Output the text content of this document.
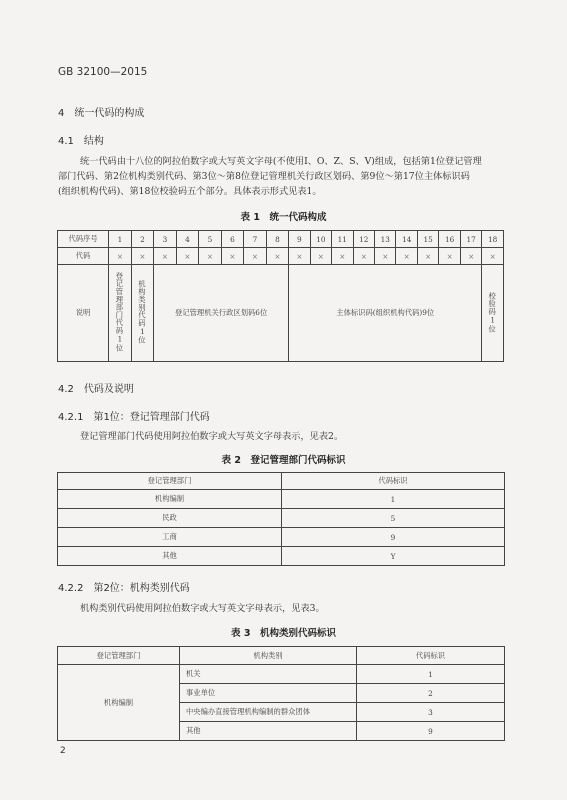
GB 32100—2015
4　统一代码的构成
4.1　结构
统一代码由十八位的阿拉伯数字或大写英文字母(不使用I、O、Z、S、V)组成，包括第1位登记管理
部门代码、第2位机构类别代码、第3位～第8位登记管理机关行政区划码、第9位～第17位主体标识码
(组织机构代码)、第18位校验码五个部分。具体表示形式见表1。
表 1　统一代码构成
代码序号	1	2	3	4	5	6	7	8	9	10	11	12	13	14	15	16	17	18
代码	×	×	×	×	×	×	×	×	×	×	×	×	×	×	×	×	×	×
说明	登记管理部门代码1位	机构类别代码1位	登记管理机关行政区划码6位						主体标识码(组织机构代码)9位									校验码1位
4.2　代码及说明
4.2.1　第1位：登记管理部门代码
登记管理部门代码使用阿拉伯数字或大写英文字母表示，见表2。
表 2　登记管理部门代码标识
登记管理部门	代码标识
机构编制	1
民政	5
工商	9
其他	Y
4.2.2　第2位：机构类别代码
机构类别代码使用阿拉伯数字或大写英文字母表示，见表3。
表 3　机构类别代码标识
登记管理部门	机构类别	代码标识
机构编制	机关	1
	事业单位	2
	中央编办直接管理机构编制的群众团体	3
	其他	9
2
